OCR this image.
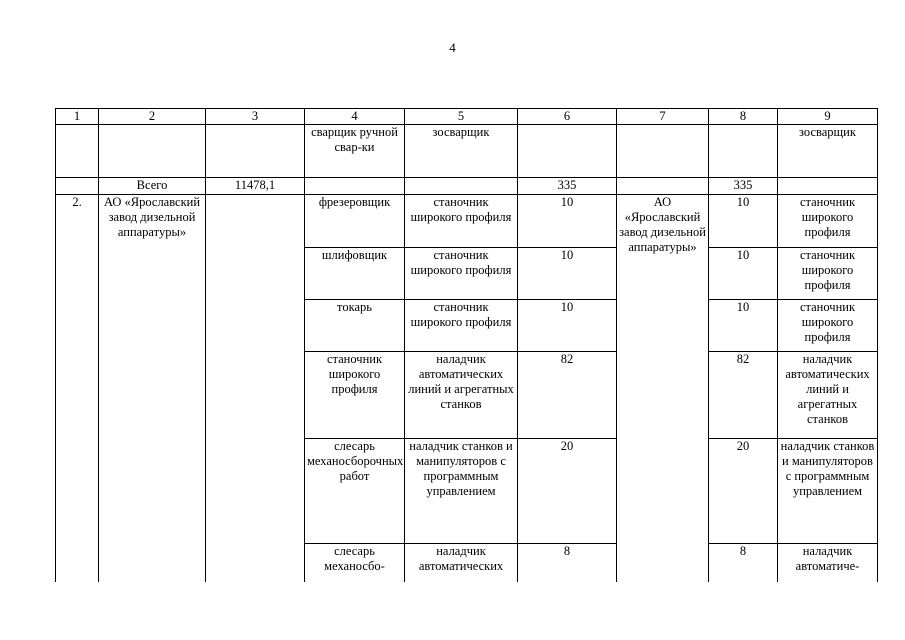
4
1	2	3	4	5	6	7	8	9
			сварщик ручной свар-ки	зосварщик				зосварщик
	Всего	11478,1			335		335	
2.	АО «Ярославский завод дизельной аппаратуры»		фрезеровщик	станочник широкого профиля	10	АО «Ярославский завод дизельной аппаратуры»	10	станочник широкого профиля
			шлифовщик	станочник широкого профиля	10		10	станочник широкого профиля
			токарь	станочник широкого профиля	10		10	станочник широкого профиля
			станочник широкого профиля	наладчик автоматических линий и агрегатных станков	82		82	наладчик автоматических линий и агрегатных станков
			слесарь механосборочных работ	наладчик станков и манипуляторов с программным управлением	20		20	наладчик станков и манипуляторов с программным управлением
			слесарь механосбо-	наладчик автоматических	8		8	наладчик автоматиче-
